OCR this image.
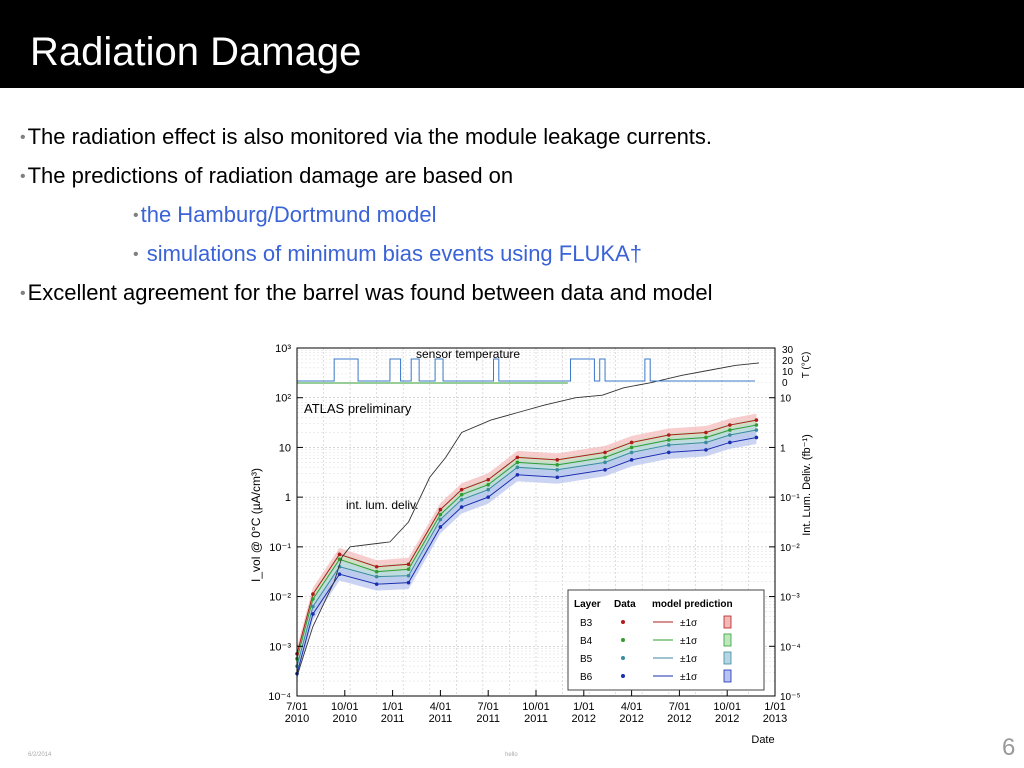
Radiation Damage
•The radiation effect is also monitored via the module leakage currents.
•The predictions of radiation damage are based on
•the Hamburg/Dortmund model
• simulations of minimum bias events using FLUKA†
•Excellent agreement for the barrel was found between data and model
7/01
2010
10/01
2010
1/01
2011
4/01
2011
7/01
2011
10/01
2011
1/01
2012
4/01
2012
7/01
2012
10/01
2012
1/01
2013
10³
10²
10
1
10⁻¹
10⁻²
10⁻³
10⁻⁴
10
1
10⁻¹
10⁻²
10⁻³
10⁻⁴
10⁻⁵
30
20
10
0
sensor temperature
ATLAS preliminary
int. lum. deliv.
I_vol @ 0°C (µA/cm³)	Int. Lum. Deliv. (fb⁻¹)
T (°C)
Date
Layer Data model prediction
B3	±1σ
B4	±1σ
B5	±1σ
B6	±1σ
6/2/2014	hello	6
